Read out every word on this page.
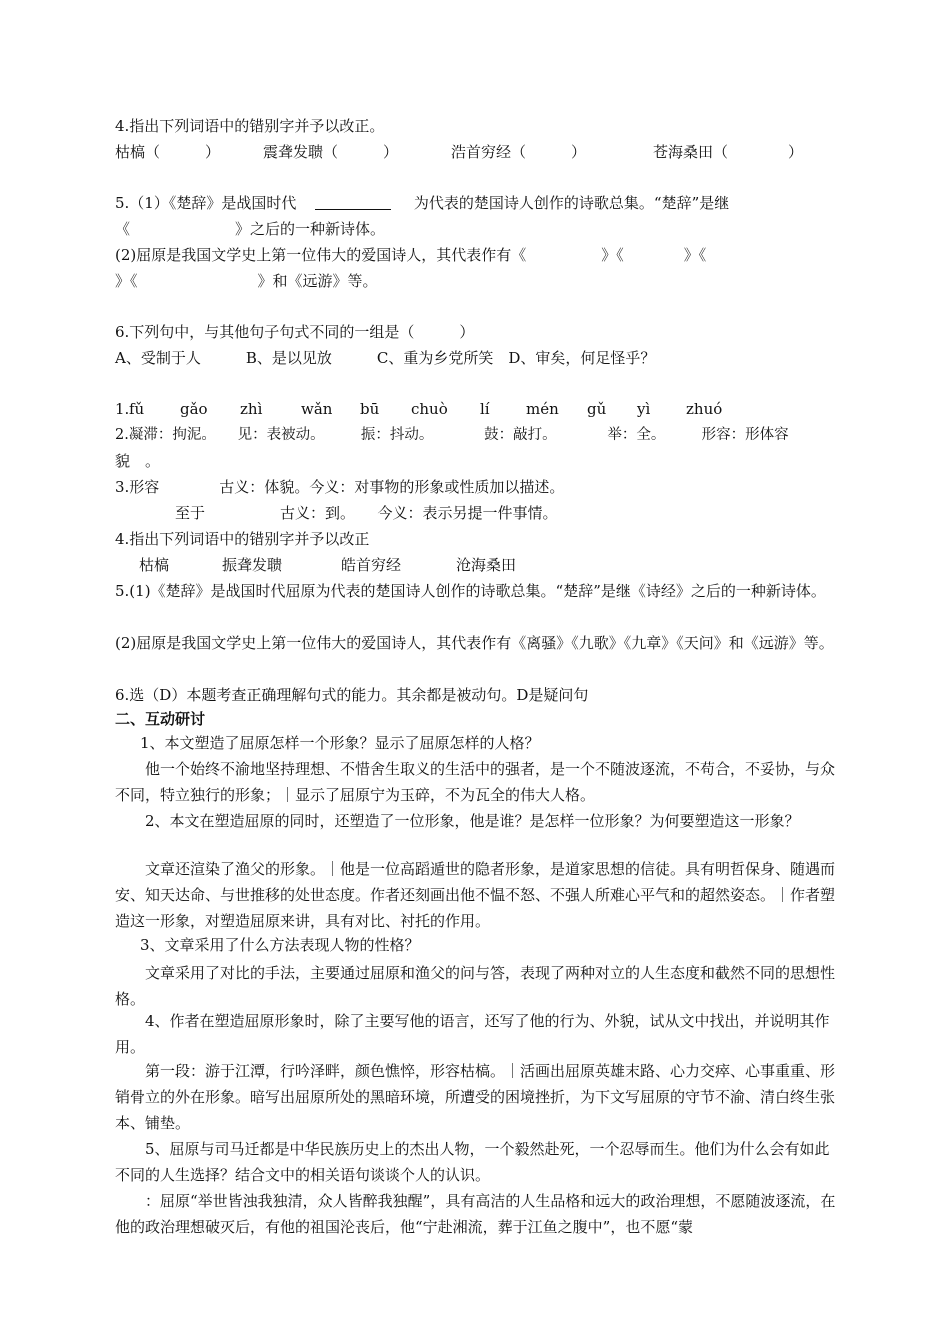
4.指出下列词语中的错别字并予以改正。
枯槁（　　　）	震聋发聩（　　　）	浩首穷经（　　　）	苍海桑田（　　　　）
5.（1）《楚辞》是战国时代	为代表的楚国诗人创作的诗歌总集。“楚辞”是继
《　　　　　　　》之后的一种新诗体。
(2)屈原是我国文学史上第一位伟大的爱国诗人，其代表作有《　　　　　》《　　　　》《
》《　　　　　　　　》和《远游》等。
6.下列句中，与其他句子句式不同的一组是（　　　）
A、受制于人　　　B、是以见放　　　C、重为乡党所笑　D、审矣，何足怪乎？
1. fǔ gǎo zhì	wǎn bū chuò lí mén gǔ yì zhuó
2.凝滞：拘泥。　　见：表被动。　　　振：抖动。　　　　鼓：敲打。　　　　举：全。　　　形容：形体容
貌　。
3.形容　　　　古义：体貌。今义：对事物的形象或性质加以描述。
至于　　　　　古义：到。　　今义：表示另提一件事情。
4.指出下列词语中的错别字并予以改正
枯槁	振聋发聩	皓首穷经	沧海桑田
5.(1)《楚辞》是战国时代屈原为代表的楚国诗人创作的诗歌总集。“楚辞”是继《诗经》之后的一种新诗体。
(2)屈原是我国文学史上第一位伟大的爱国诗人，其代表作有《离骚》《九歌》《九章》《天问》和《远游》等。
6.选（D）本题考查正确理解句式的能力。其余都是被动句。D是疑问句
二、互动研讨
1、本文塑造了屈原怎样一个形象？显示了屈原怎样的人格？
他一个始终不渝地坚持理想、不惜舍生取义的生活中的强者，是一个不随波逐流，不苟合，不妥协，与众不同，特立独行的形象；｜显示了屈原宁为玉碎，不为瓦全的伟大人格。
2、本文在塑造屈原的同时，还塑造了一位形象，他是谁？是怎样一位形象？为何要塑造这一形象？
文章还渲染了渔父的形象。｜他是一位高蹈遁世的隐者形象，是道家思想的信徒。具有明哲保身、随遇而安、知天达命、与世推移的处世态度。作者还刻画出他不愠不怒、不强人所难心平气和的超然姿态。｜作者塑造这一形象，对塑造屈原来讲，具有对比、衬托的作用。
3、文章采用了什么方法表现人物的性格？
文章采用了对比的手法，主要通过屈原和渔父的问与答，表现了两种对立的人生态度和截然不同的思想性格。
4、作者在塑造屈原形象时，除了主要写他的语言，还写了他的行为、外貌，试从文中找出，并说明其作用。
第一段：游于江潭，行吟泽畔，颜色憔悴，形容枯槁。｜活画出屈原英雄末路、心力交瘁、心事重重、形销骨立的外在形象。暗写出屈原所处的黑暗环境，所遭受的困境挫折，为下文写屈原的守节不渝、清白终生张本、铺垫。
5、屈原与司马迁都是中华民族历史上的杰出人物，一个毅然赴死，一个忍辱而生。他们为什么会有如此不同的人生选择？结合文中的相关语句谈谈个人的认识。
：屈原“举世皆浊我独清，众人皆醉我独醒”，具有高洁的人生品格和远大的政治理想，不愿随波逐流，在他的政治理想破灭后，有他的祖国沦丧后，他“宁赴湘流，葬于江鱼之腹中”，也不愿“蒙
